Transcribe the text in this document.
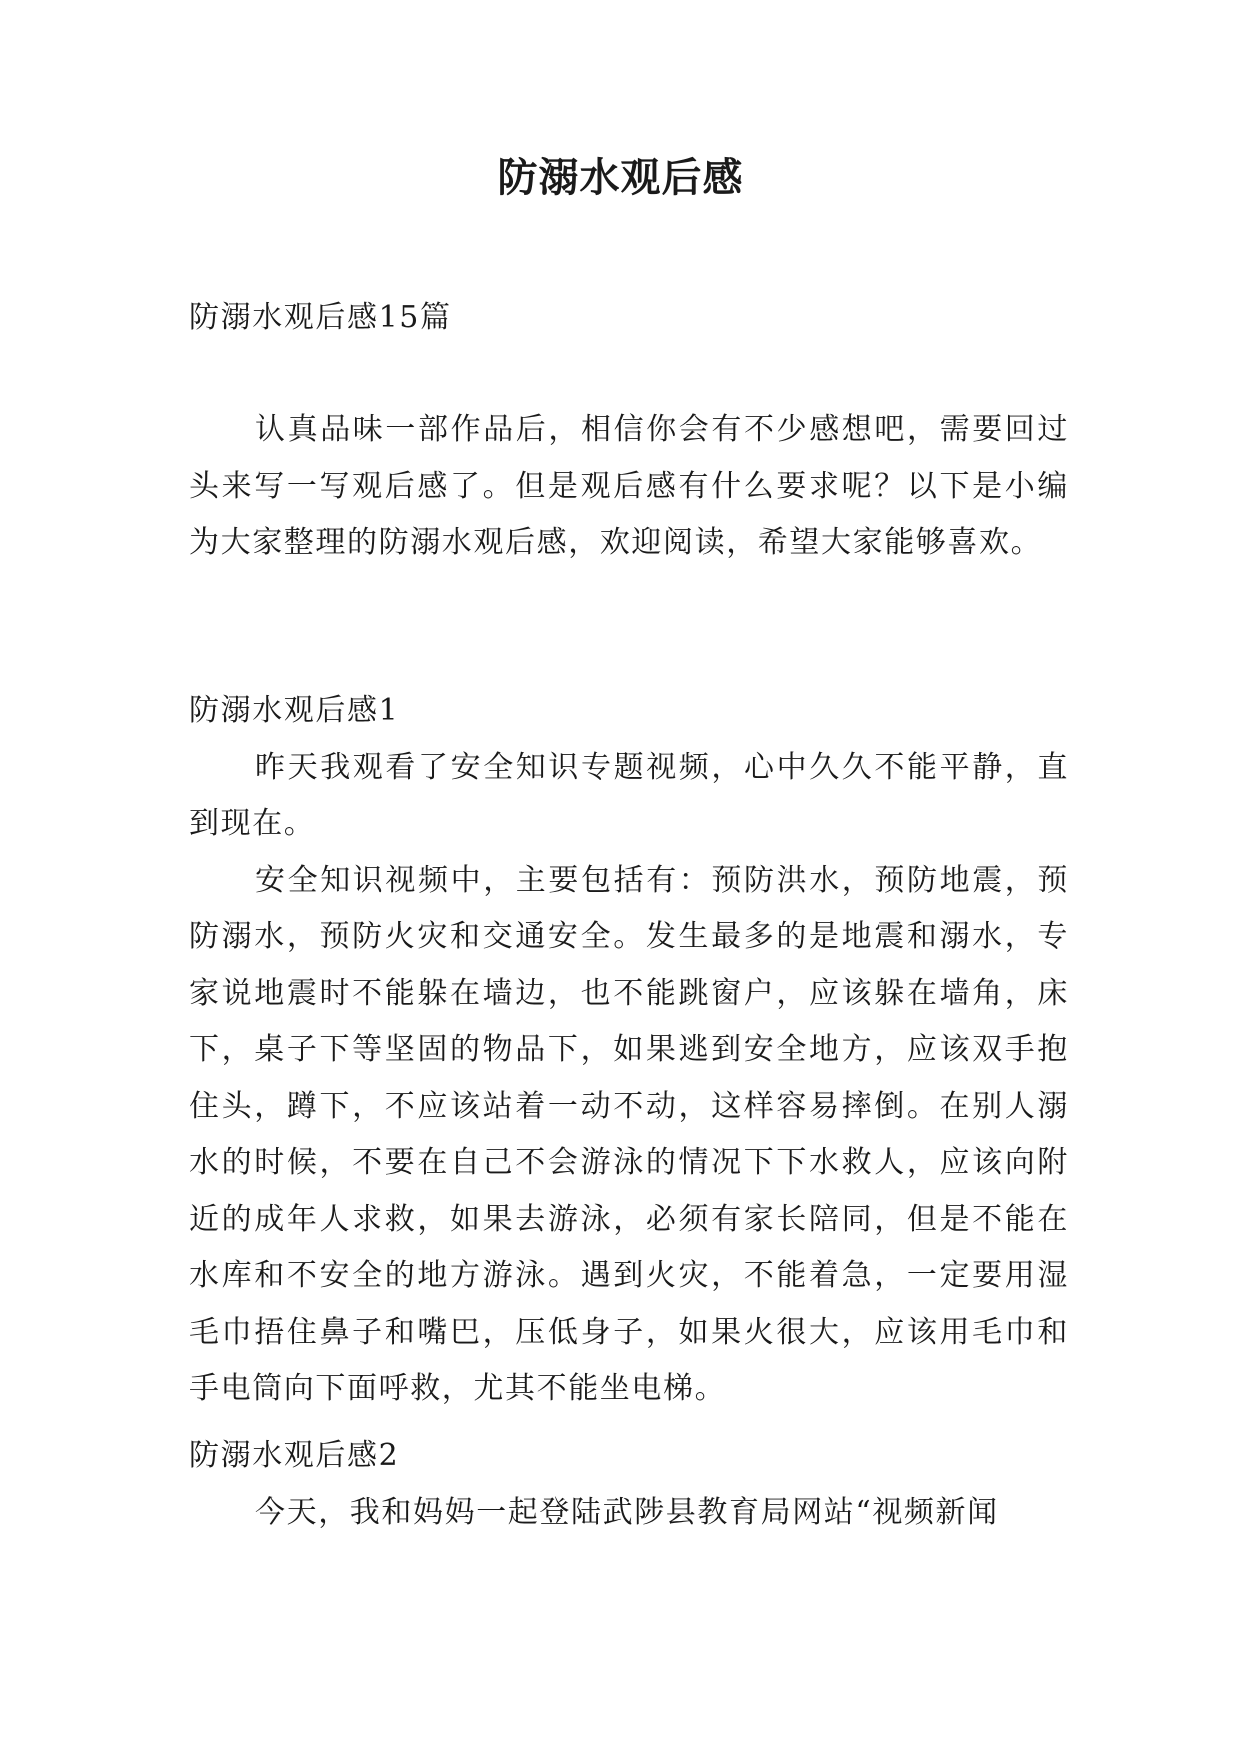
防溺水观后感
防溺水观后感15篇
认真品味一部作品后，相信你会有不少感想吧，需要回过头来写一写观后感了。但是观后感有什么要求呢？以下是小编为大家整理的防溺水观后感，欢迎阅读，希望大家能够喜欢。
防溺水观后感1
昨天我观看了安全知识专题视频，心中久久不能平静，直到现在。
安全知识视频中，主要包括有：预防洪水，预防地震，预防溺水，预防火灾和交通安全。发生最多的是地震和溺水，专家说地震时不能躲在墙边，也不能跳窗户，应该躲在墙角，床下，桌子下等坚固的物品下，如果逃到安全地方，应该双手抱住头，蹲下，不应该站着一动不动，这样容易摔倒。在别人溺水的时候，不要在自己不会游泳的情况下下水救人，应该向附近的成年人求救，如果去游泳，必须有家长陪同，但是不能在水库和不安全的地方游泳。遇到火灾，不能着急，一定要用湿毛巾捂住鼻子和嘴巴，压低身子，如果火很大，应该用毛巾和手电筒向下面呼救，尤其不能坐电梯。
防溺水观后感2
今天，我和妈妈一起登陆武陟县教育局网站“视频新闻
